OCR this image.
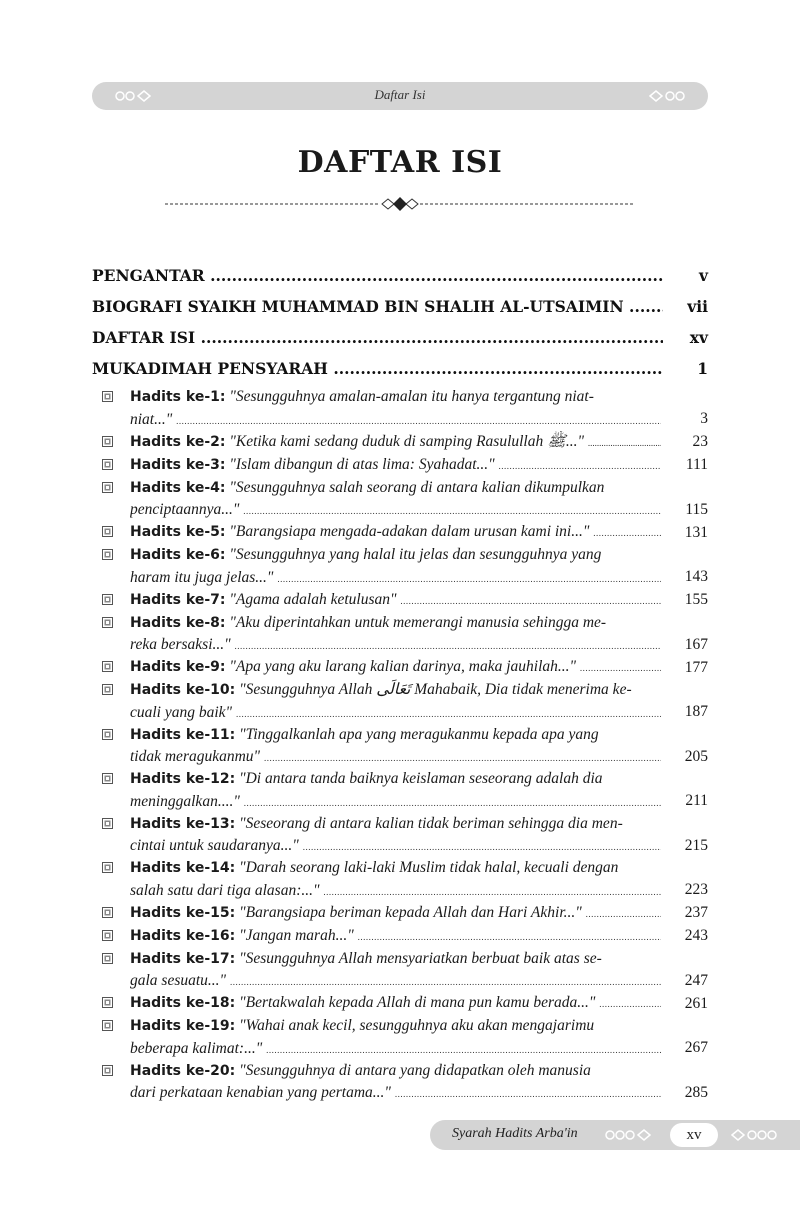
Daftar Isi
DAFTAR ISI
PENGANTAR .....	v
BIOGRAFI SYAIKH MUHAMMAD BIN SHALIH AL-UTSAIMIN .....	vii
DAFTAR ISI .....	xv
MUKADIMAH PENSYARAH .....	1
Hadits ke-1: "Sesungguhnya amalan-amalan itu hanya tergantung niat-

niat..." .....	3
Hadits ke-2: "Ketika kami sedang duduk di samping Rasulullah ﷺ..." .....	23
Hadits ke-3: "Islam dibangun di atas lima: Syahadat..." .....	111
Hadits ke-4: "Sesungguhnya salah seorang di antara kalian dikumpulkan

penciptaannya..." .....	115
Hadits ke-5: "Barangsiapa mengada-adakan dalam urusan kami ini..." .....	131
Hadits ke-6: "Sesungguhnya yang halal itu jelas dan sesungguhnya yang

haram itu juga jelas..." .....	143
Hadits ke-7: "Agama adalah ketulusan" .....	155
Hadits ke-8: "Aku diperintahkan untuk memerangi manusia sehingga me-

reka bersaksi..." .....	167
Hadits ke-9: "Apa yang aku larang kalian darinya, maka jauhilah..." .....	177
Hadits ke-10: "Sesungguhnya Allah تَعَالَى Mahabaik, Dia tidak menerima ke-

cuali yang baik" .....	187
Hadits ke-11: "Tinggalkanlah apa yang meragukanmu kepada apa yang

tidak meragukanmu" .....	205
Hadits ke-12: "Di antara tanda baiknya keislaman seseorang adalah dia

meninggalkan...." .....	211
Hadits ke-13: "Seseorang di antara kalian tidak beriman sehingga dia men-

cintai untuk saudaranya..." .....	215
Hadits ke-14: "Darah seorang laki-laki Muslim tidak halal, kecuali dengan

salah satu dari tiga alasan:..." .....	223
Hadits ke-15: "Barangsiapa beriman kepada Allah dan Hari Akhir..." .....	237
Hadits ke-16: "Jangan marah..." .....	243
Hadits ke-17: "Sesungguhnya Allah mensyariatkan berbuat baik atas se-

gala sesuatu..." .....	247
Hadits ke-18: "Bertakwalah kepada Allah di mana pun kamu berada..." .....	261
Hadits ke-19: "Wahai anak kecil, sesungguhnya aku akan mengajarimu

beberapa kalimat:..." .....	267
Hadits ke-20: "Sesungguhnya di antara yang didapatkan oleh manusia

dari perkataan kenabian yang pertama..." .....	285
Syarah Hadits Arba'in	xv
